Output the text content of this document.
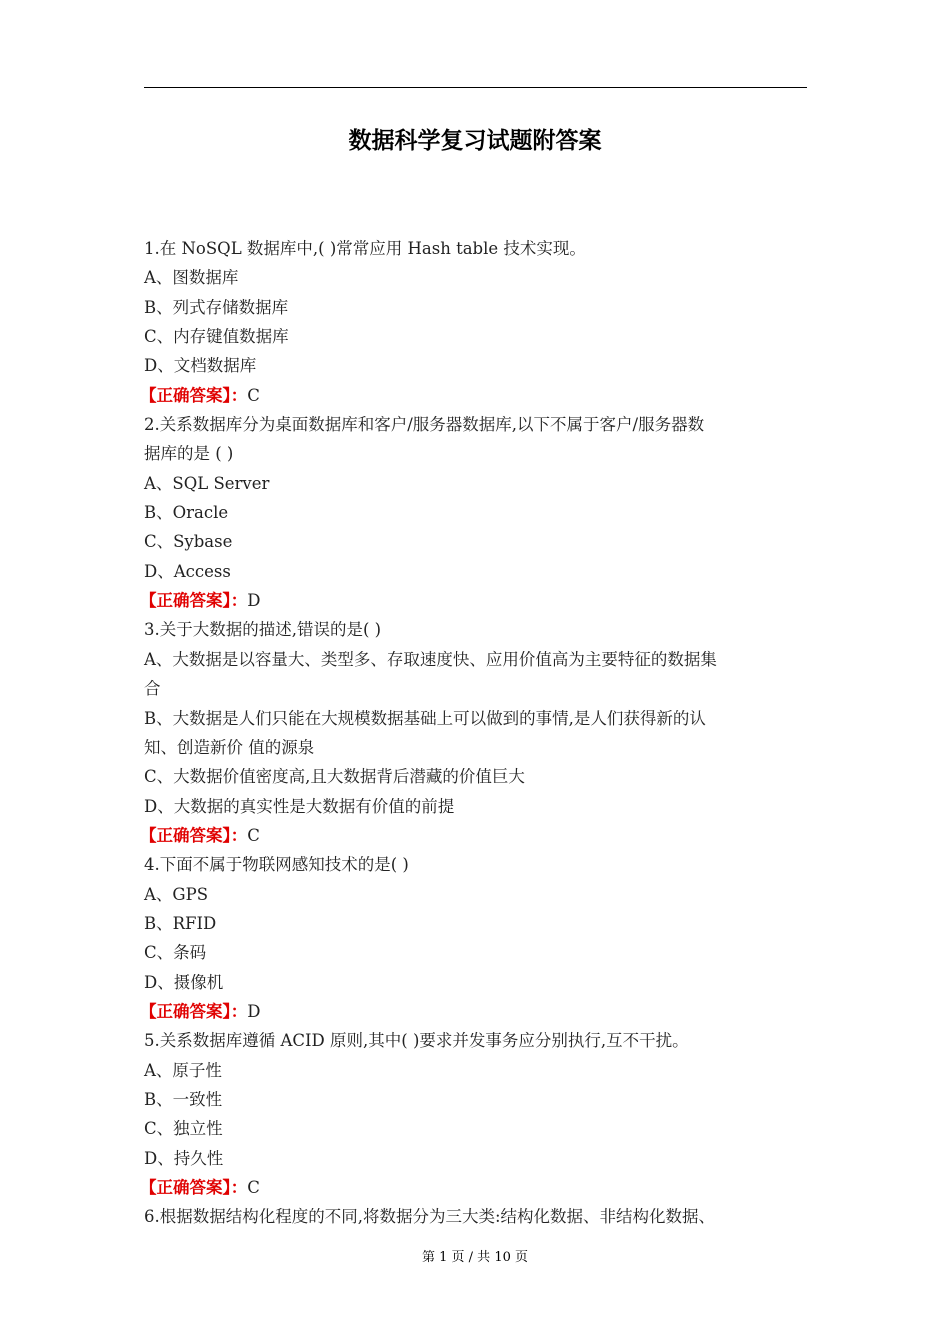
数据科学复习试题附答案
1.在 NoSQL 数据库中,( )常常应用 Hash table 技术实现。
A、图数据库
B、列式存储数据库
C、内存键值数据库
D、文档数据库
【正确答案】：C
2.关系数据库分为桌面数据库和客户/服务器数据库,以下不属于客户/服务器数
据库的是 ( )
A、SQL Server
B、Oracle
C、Sybase
D、Access
【正确答案】：D
3.关于大数据的描述,错误的是( )
A、大数据是以容量大、类型多、存取速度快、应用价值高为主要特征的数据集
合
B、大数据是人们只能在大规模数据基础上可以做到的事情,是人们获得新的认
知、创造新价 值的源泉
C、大数据价值密度高,且大数据背后潜藏的价值巨大
D、大数据的真实性是大数据有价值的前提
【正确答案】：C
4.下面不属于物联网感知技术的是( )
A、GPS
B、RFID
C、条码
D、摄像机
【正确答案】：D
5.关系数据库遵循 ACID 原则,其中( )要求并发事务应分别执行,互不干扰。
A、原子性
B、一致性
C、独立性
D、持久性
【正确答案】：C
6.根据数据结构化程度的不同,将数据分为三大类:结构化数据、非结构化数据、
第 1 页 / 共 10 页
